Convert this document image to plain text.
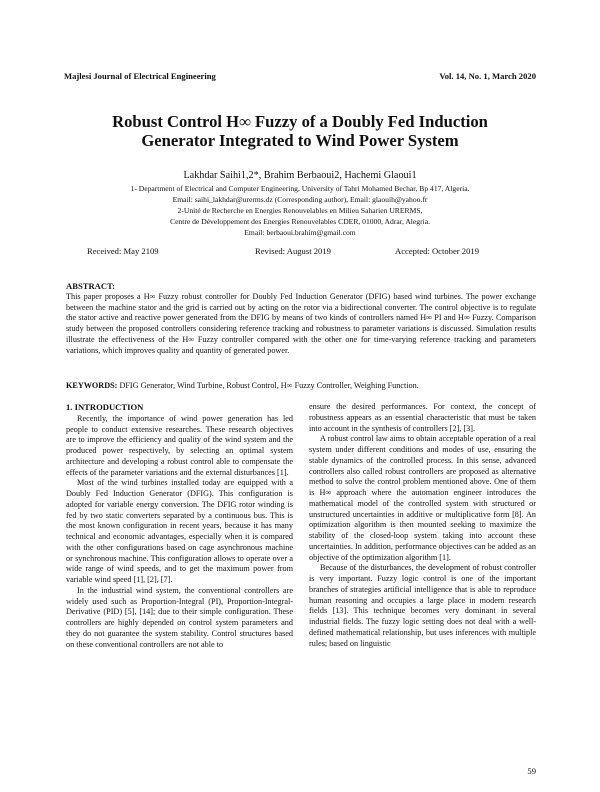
Majlesi Journal of Electrical Engineering	Vol. 14, No. 1, March 2020
Robust Control H∞ Fuzzy of a Doubly Fed Induction
Generator Integrated to Wind Power System
Lakhdar Saihi1,2*, Brahim Berbaoui2, Hachemi Glaoui1
1- Department of Electrical and Computer Engineering, University of Tahri Mohamed Bechar, Bp 417, Algeria.
Email: saihi_lakhdar@urerms.dz (Corresponding author), Email: glaouih@yahoo.fr
2-Unité de Recherche en Energies Renouvelables en Milieu Saharien URERMS,
Centre de Développement des Energies Renouvelables CDER, 01000, Adrar, Alegria.
Email: berbaoui.brahim@gmail.com
Received: May 2109	Revised: August 2019	Accepted: October 2019
ABSTRACT:
This paper proposes a H∞ Fuzzy robust controller for Doubly Fed Induction Generator (DFIG) based wind turbines. The power exchange between the machine stator and the grid is carried out by acting on the rotor via a bidirectional converter. The control objective is to regulate the stator active and reactive power generated from the DFIG by means of two kinds of controllers named H∞ PI and H∞ Fuzzy. Comparison study between the proposed controllers considering reference tracking and robustness to parameter variations is discussed. Simulation results illustrate the effectiveness of the H∞ Fuzzy controller compared with the other one for time-varying reference tracking and parameters variations, which improves quality and quantity of generated power.
KEYWORDS: DFIG Generator, Wind Turbine, Robust Control, H∞ Fuzzy Controller, Weighing Function.
1. INTRODUCTION

Recently, the importance of wind power generation has led people to conduct extensive researches. These research objectives are to improve the efficiency and quality of the wind system and the produced power respectively, by selecting an optimal system architecture and developing a robust control able to compensate the effects of the parameter variations and the external disturbances [1].

Most of the wind turbines installed today are equipped with a Doubly Fed Induction Generator (DFIG). This configuration is adopted for variable energy conversion. The DFIG rotor winding is fed by two static converters separated by a continuous bus. This is the most known configuration in recent years, because it has many technical and economic advantages, especially when it is compared with the other configurations based on cage asynchronous machine or synchronous machine. This configuration allows to operate over a wide range of wind speeds, and to get the maximum power from variable wind speed [1], [2], [7].

In the industrial wind system, the conventional controllers are widely used such as Proportion-Integral (PI), Proportion-Integral-Derivative (PID) [5], [14]; due to their simple configuration. These controllers are highly depended on control system parameters and they do not guarantee the system stability. Control structures based on these conventional controllers are not able to

ensure the desired performances. For context, the concept of robustness appears as an essential characteristic that must be taken into account in the synthesis of controllers [2], [3].

A robust control law aims to obtain acceptable operation of a real system under different conditions and modes of use, ensuring the stable dynamics of the controlled process. In this sense, advanced controllers also called robust controllers are proposed as alternative method to solve the control problem mentioned above. One of them is H∞ approach where the automation engineer introduces the mathematical model of the controlled system with structured or unstructured uncertainties in additive or multiplicative form [8]. An optimization algorithm is then mounted seeking to maximize the stability of the closed-loop system taking into account these uncertainties. In addition, performance objectives can be added as an objective of the optimization algorithm [1].

Because of the disturbances, the development of robust controller is very important. Fuzzy logic control is one of the important branches of strategies artificial intelligence that is able to reproduce human reasoning and occupies a large place in modern research fields [13]. This technique becomes very dominant in several industrial fields. The fuzzy logic setting does not deal with a well-defined mathematical relationship, but uses inferences with multiple rules; based on linguistic

59
